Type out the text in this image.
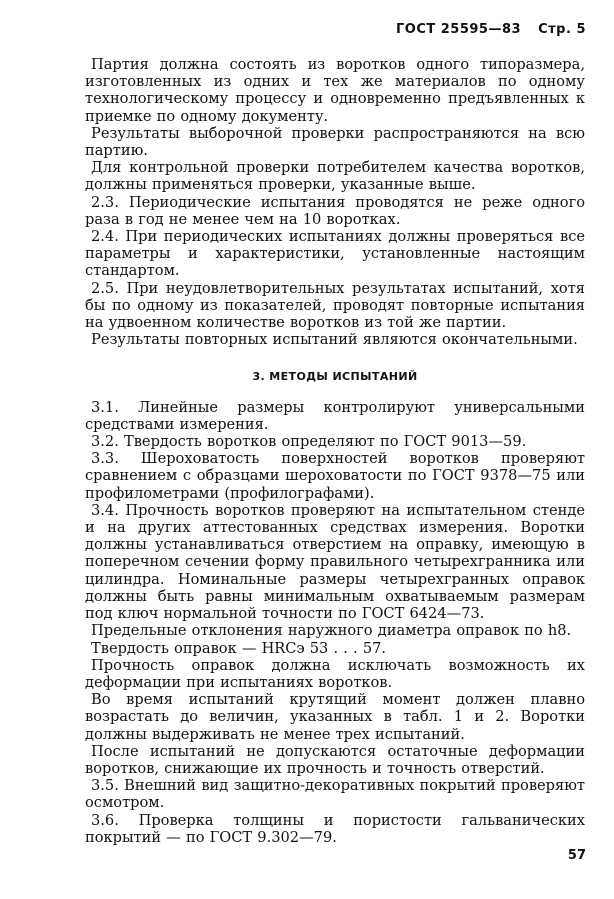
ГОСТ 25595—83 Стр. 5

Партия должна состоять из воротков одного типоразмера, изготовленных из одних и тех же материалов по одному технологическому процессу и одновременно предъявленных к приемке по одному документу.

Результаты выборочной проверки распространяются на всю партию.

Для контрольной проверки потребителем качества воротков, должны применяться проверки, указанные выше.

2.3. Периодические испытания проводятся не реже одного раза в год не менее чем на 10 воротках.

2.4. При периодических испытаниях должны проверяться все параметры и характеристики, установленные настоящим стандартом.

2.5. При неудовлетворительных результатах испытаний, хотя бы по одному из показателей, проводят повторные испытания на удвоенном количестве воротков из той же партии.

Результаты повторных испытаний являются окончательными.

3. МЕТОДЫ ИСПЫТАНИЙ

3.1. Линейные размеры контролируют универсальными средствами измерения.

3.2. Твердость воротков определяют по ГОСТ 9013—59.

3.3. Шероховатость поверхностей воротков проверяют сравнением с образцами шероховатости по ГОСТ 9378—75 или профилометрами (профилографами).

3.4. Прочность воротков проверяют на испытательном стенде и на других аттестованных средствах измерения. Воротки должны устанавливаться отверстием на оправку, имеющую в поперечном сечении форму правильного четырехгранника или цилиндра. Номинальные размеры четырехгранных оправок должны быть равны минимальным охватываемым размерам под ключ нормальной точности по ГОСТ 6424—73.

Предельные отклонения наружного диаметра оправок по h8.

Твердость оправок — HRCэ 53 . . . 57.

Прочность оправок должна исключать возможность их деформации при испытаниях воротков.

Во время испытаний крутящий момент должен плавно возрастать до величин, указанных в табл. 1 и 2. Воротки должны выдерживать не менее трех испытаний.

После испытаний не допускаются остаточные деформации воротков, снижающие их прочность и точность отверстий.

3.5. Внешний вид защитно-декоративных покрытий проверяют осмотром.

3.6. Проверка толщины и пористости гальванических покрытий — по ГОСТ 9.302—79.

57
